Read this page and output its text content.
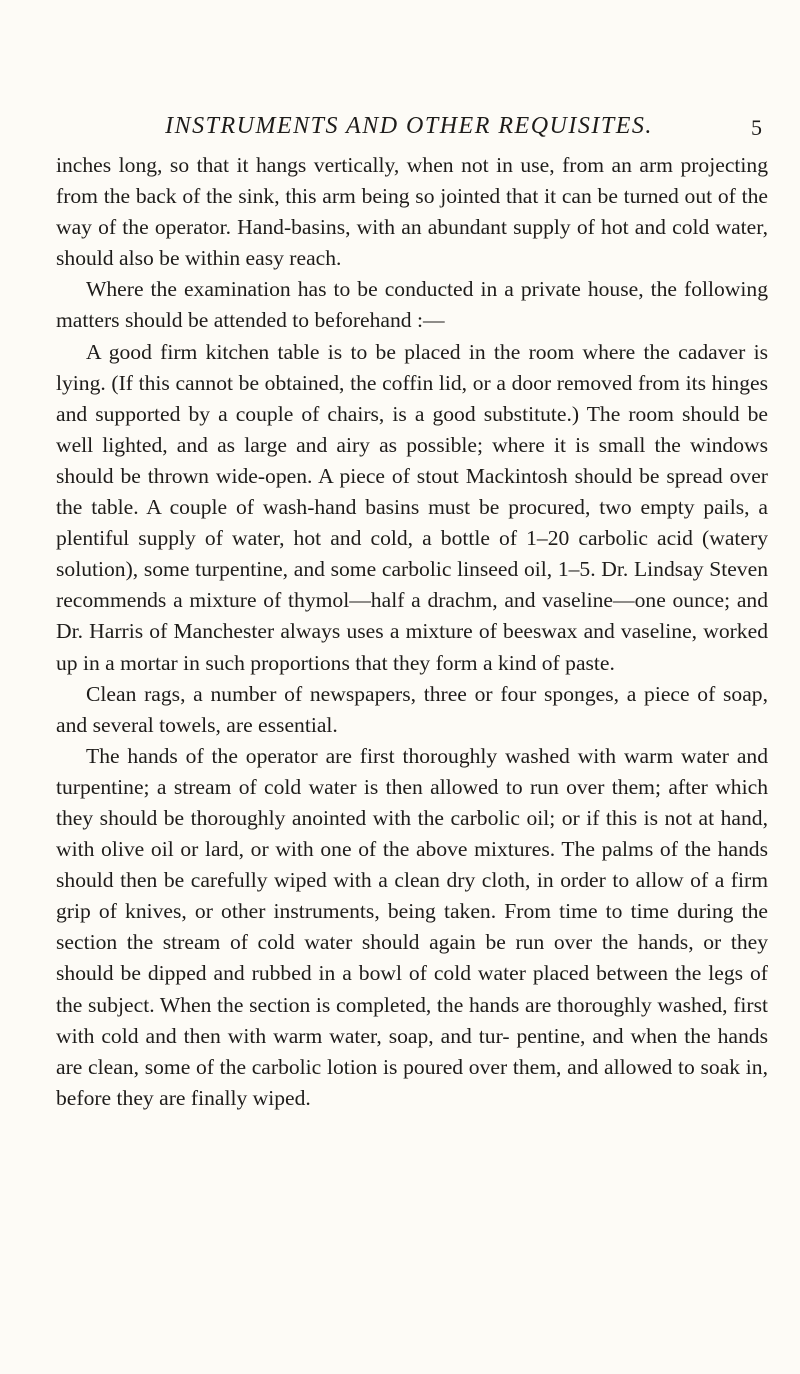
INSTRUMENTS AND OTHER REQUISITES.	5

inches long, so that it hangs vertically, when not in use, from an arm projecting from the back of the sink, this arm being so jointed that it can be turned out of the way of the operator. Hand-basins, with an abundant supply of hot and cold water, should also be within easy reach.

Where the examination has to be conducted in a private house, the following matters should be attended to beforehand :—

A good firm kitchen table is to be placed in the room where the cadaver is lying. (If this cannot be obtained, the coffin lid, or a door removed from its hinges and supported by a couple of chairs, is a good substitute.) The room should be well lighted, and as large and airy as possible; where it is small the windows should be thrown wide-open. A piece of stout Mackintosh should be spread over the table. A couple of wash-hand basins must be procured, two empty pails, a plentiful supply of water, hot and cold, a bottle of 1–20 carbolic acid (watery solution), some turpentine, and some carbolic linseed oil, 1–5. Dr. Lindsay Steven recommends a mixture of thymol—half a drachm, and vaseline—one ounce; and Dr. Harris of Manchester always uses a mixture of beeswax and vaseline, worked up in a mortar in such proportions that they form a kind of paste.

Clean rags, a number of newspapers, three or four sponges, a piece of soap, and several towels, are essential.

The hands of the operator are first thoroughly washed with warm water and turpentine; a stream of cold water is then allowed to run over them; after which they should be thoroughly anointed with the carbolic oil; or if this is not at hand, with olive oil or lard, or with one of the above mixtures. The palms of the hands should then be carefully wiped with a clean dry cloth, in order to allow of a firm grip of knives, or other instruments, being taken. From time to time during the section the stream of cold water should again be run over the hands, or they should be dipped and rubbed in a bowl of cold water placed between the legs of the subject. When the section is completed, the hands are thoroughly washed, first with cold and then with warm water, soap, and tur- pentine, and when the hands are clean, some of the carbolic lotion is poured over them, and allowed to soak in, before they are finally wiped.
